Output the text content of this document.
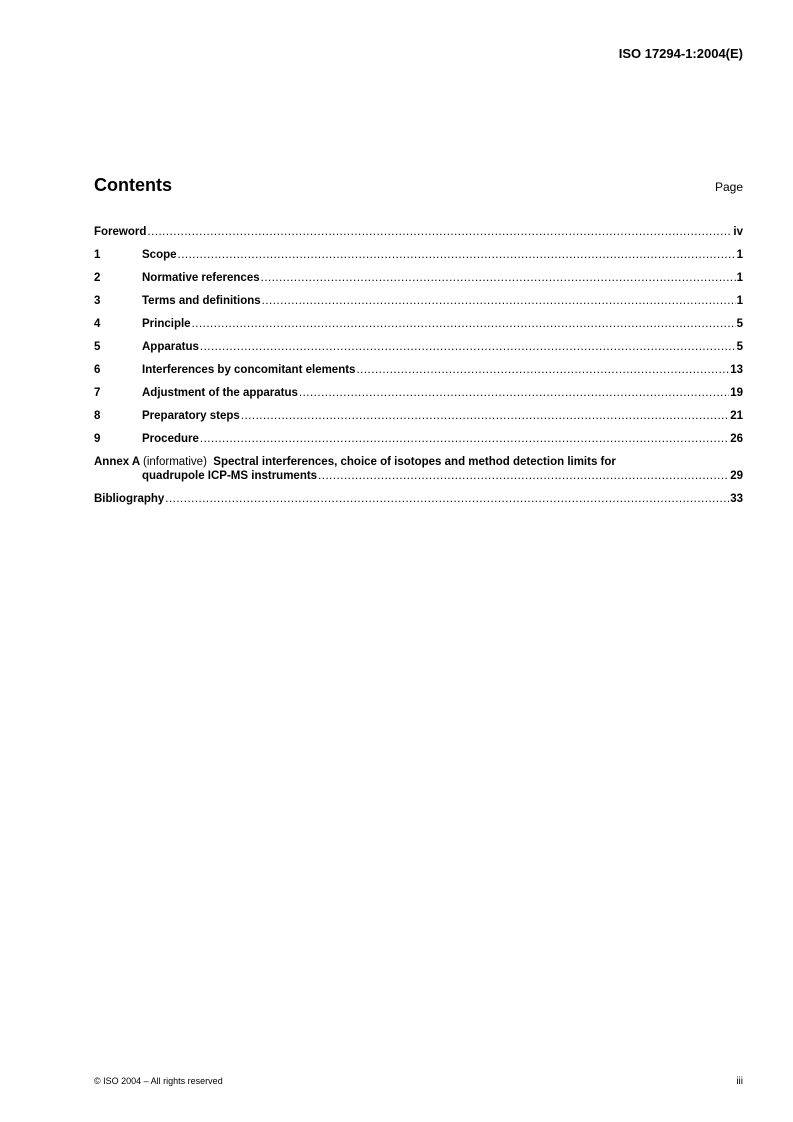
ISO 17294-1:2004(E)
Contents	Page
Foreword .....	iv
1	Scope .....	1
2	Normative references .....	1
3	Terms and definitions .....	1
4	Principle .....	5
5	Apparatus .....	5
6	Interferences by concomitant elements .....	13
7	Adjustment of the apparatus .....	19
8	Preparatory steps .....	21
9	Procedure .....	26
Annex A (informative) Spectral interferences, choice of isotopes and method detection limits for
quadrupole ICP-MS instruments .....	29
Bibliography .....	33
© ISO 2004 – All rights reserved	iii
